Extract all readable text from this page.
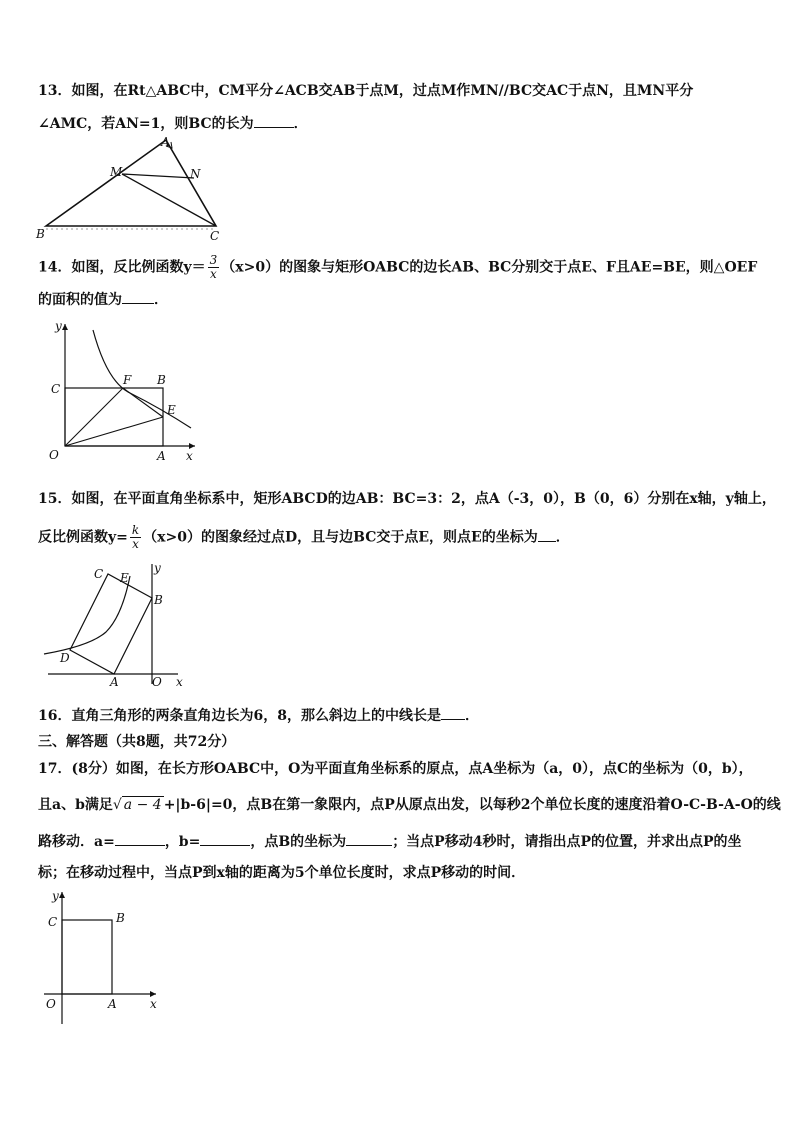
13．如图，在Rt△ABC中，CM平分∠ACB交AB于点M，过点M作MN//BC交AC于点N，且MN平分
∠AMC，若AN=1，则BC的长为	．
A
M	N
B	C
14．如图，反比例函数$y= \frac{3}{x} (x>0)$的图象与矩形OABC的边长AB、BC分别交于点E、F且AE=BE，则△OEF
的面积的值为 ．
y
C
F B
E
O	A x
15．如图，在平面直角坐标系中，矩形ABCD的边AB：BC=3：2，点A（-3，0），B（0，6）分别在x轴，y轴上，
反比例函数$y= \frac{k}{x} (x>0)$的图象经过点D，且与边BC交于点E，则点E的坐标为 ．
C E
y
B
D
A	O x
16．直角三角形的两条直角边长为6，8，那么斜边上的中线长是 ．
三、解答题（共8题，共72分）
17．(8分）如图，在长方形OABC中，O为平面直角坐标系的原点，点A坐标为（a，0），点C的坐标为（0，b），
且a、b满足√ a − 4 +|b-6|=0，点B在第一象限内，点P从原点出发，以每秒2个单位长度的速度沿着O-C-B-A-O的线
路移动．a=	，b=	，点B的坐标为	；当点P移动4秒时，请指出点P的位置，并求出点P的坐
标；在移动过程中，当点P到x轴的距离为5个单位长度时，求点P移动的时间．
y
C	B
O	A	x
